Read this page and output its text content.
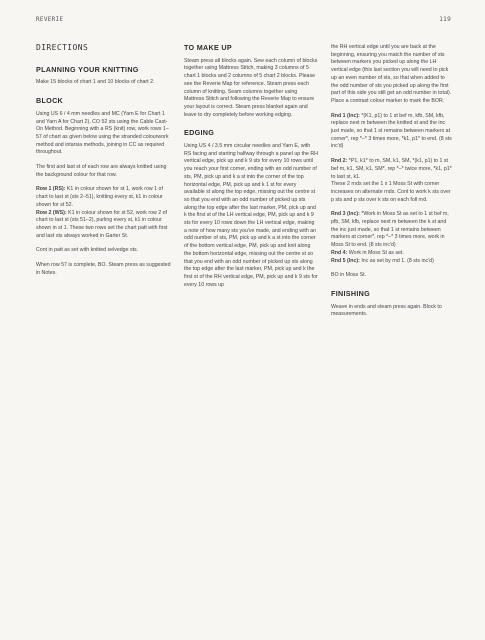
REVERIE	119
DIRECTIONS
PLANNING YOUR KNITTING

Make 15 blocks of chart 1 and 10 blocks of chart 2.

BLOCK

Using US 6 / 4 mm needles and MC (Yarn E for Chart 1 and Yarn A for Chart 2), CO 52 sts using the Cable Cast-On Method. Beginning with a RS (knit) row, work rows 1–57 of chart as given below using the stranded colourwork method and intarsia methods, joining in CC as required throughout.

The first and last st of each row are always knitted using the background colour for that row.

Row 1 (RS): K1 in colour shown for st 1, work row 1 of chart to last st (sts 2–51), knitting every st, k1 in colour shown for st 52.

Row 2 (WS): K1 in colour shown for st 52, work row 2 of chart to last st (sts 51–2), purling every st, k1 in colour shown in st 1. These two rows set the chart patt with first and last sts always worked in Garter St.

Cont in patt as set with knitted selvedge sts.

When row 57 is complete, BO. Steam press as suggested in Notes.

TO MAKE UP

Steam press all blocks again. Sew each column of blocks together using Mattress Stitch, making 3 columns of 5 chart 1 blocks and 2 columns of 5 chart 2 blocks. Please see the Reverie Map for reference. Steam press each column of knitting. Seam columns together using Mattress Stitch and following the Reverie Map to ensure your layout is correct. Steam press blanket again and leave to dry completely before working edging.

EDGING

Using US 4 / 3.5 mm circular needles and Yarn E, with RS facing and starting halfway through a panel up the RH vertical edge, pick up and k 9 sts for every 10 rows until you reach your first corner, ending with an odd number of sts, PM, pick up and k a st into the corner of the top horizontal edge, PM, pick up and k 1 st for every available st along the top edge, missing out the centre st so that you end with an odd number of picked up sts along the top edge after the last marker, PM, pick up and k the first st of the LH vertical edge, PM, pick up and k 9 sts for every 10 rows down the LH vertical edge, making a note of how many sts you've made, and ending with an odd number of sts, PM, pick up and k a st into the corner of the bottom vertical edge, PM, pick up and knit along the bottom horizontal edge, missing out the centre st so that you end with an odd number of picked up sts along the top edge after the last marker, PM, pick up and k the first st of the RH vertical edge, PM, pick up and k 9 sts for every 10 rows up

the RH vertical edge until you are back at the beginning, ensuring you match the number of sts between markers you picked up along the LH vertical edge (this last section you will need to pick up an even number of sts, so that when added to the odd number of sts you picked up along the first part of this side you still get an odd number in total). Place a contrast colour marker to mark the BOR.

Rnd 1 (Inc): *(K1, p1) to 1 st bef m, kfb, SM, kfb, replace next m between the knitted st and the inc just made, so that 1 st remains between markers at corner*, rep *–* 3 times more, *k1, p1* to end. (8 sts inc'd)

Rnd 2: *P1, k1* to m, SM, k1, SM, *(k1, p1) to 1 st bef m, k1, SM, k1, SM*, rep *–* twice more, *k1, p1* to last st, k1.

These 2 rnds set the 1 x 1 Moss St with corner increases on alternate rnds. Cont to work k sts over p sts and p sts over k sts on each foll rnd.

Rnd 3 (Inc): *Work in Moss St as set to 1 st bef m, pfb, SM, kfb, replace next m between the k st and the inc just made, so that 1 st remains between markers at corner*, rep *–* 3 times more, work in Moss St to end. (8 sts inc'd)

Rnd 4: Work in Moss St as set.

Rnd 5 (Inc): Inc as set by rnd 1. (8 sts inc'd)

BO in Moss St.

FINISHING

Weave in ends and steam press again. Block to measurements.
